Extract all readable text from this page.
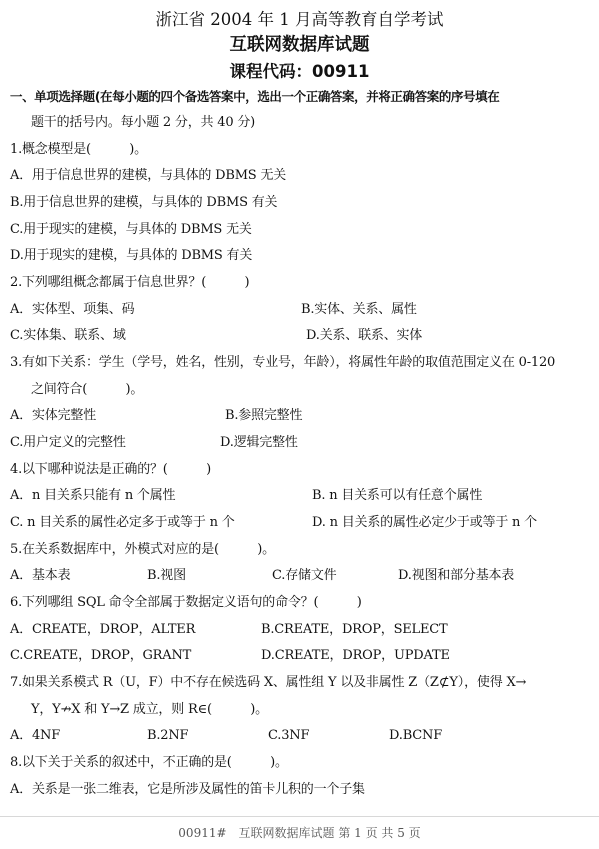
浙江省 2004 年 1 月高等教育自学考试
互联网数据库试题
课程代码：00911
一、单项选择题(在每小题的四个备选答案中，选出一个正确答案，并将正确答案的序号填在
题干的括号内。每小题 2 分，共 40 分)
1.概念模型是(　　　)。
A．用于信息世界的建模，与具体的 DBMS 无关
B.用于信息世界的建模，与具体的 DBMS 有关
C.用于现实的建模，与具体的 DBMS 无关
D.用于现实的建模，与具体的 DBMS 有关
2.下列哪组概念都属于信息世界？(　　　)
A．实体型、项集、码	B.实体、关系、属性
C.实体集、联系、域	D.关系、联系、实体
3.有如下关系：学生（学号，姓名，性别，专业号，年龄），将属性年龄的取值范围定义在 0-120
之间符合(　　　)。
A．实体完整性	B.参照完整性
C.用户定义的完整性	D.逻辑完整性
4.以下哪种说法是正确的？(　　　)
A．n 目关系只能有 n 个属性	B. n 目关系可以有任意个属性
C. n 目关系的属性必定多于或等于 n 个	D. n 目关系的属性必定少于或等于 n 个
5.在关系数据库中，外模式对应的是(　　　)。
A．基本表	B.视图	C.存储文件	D.视图和部分基本表
6.下列哪组 SQL 命令全部属于数据定义语句的命令？(　　　)
A．CREATE，DROP，ALTER	B.CREATE，DROP，SELECT
C.CREATE，DROP，GRANT	D.CREATE，DROP，UPDATE
7.如果关系模式 R（U，F）中不存在候选码 X、属性组 Y 以及非属性 Z（Z⊄Y），使得 X→
Y，Y↛X 和 Y→Z 成立，则 R∈(　　　)。
A．4NF	B.2NF	C.3NF	D.BCNF
8.以下关于关系的叙述中，不正确的是(　　　)。
A．关系是一张二维表，它是所涉及属性的笛卡儿积的一个子集
00911#　互联网数据库试题 第 1 页 共 5 页
